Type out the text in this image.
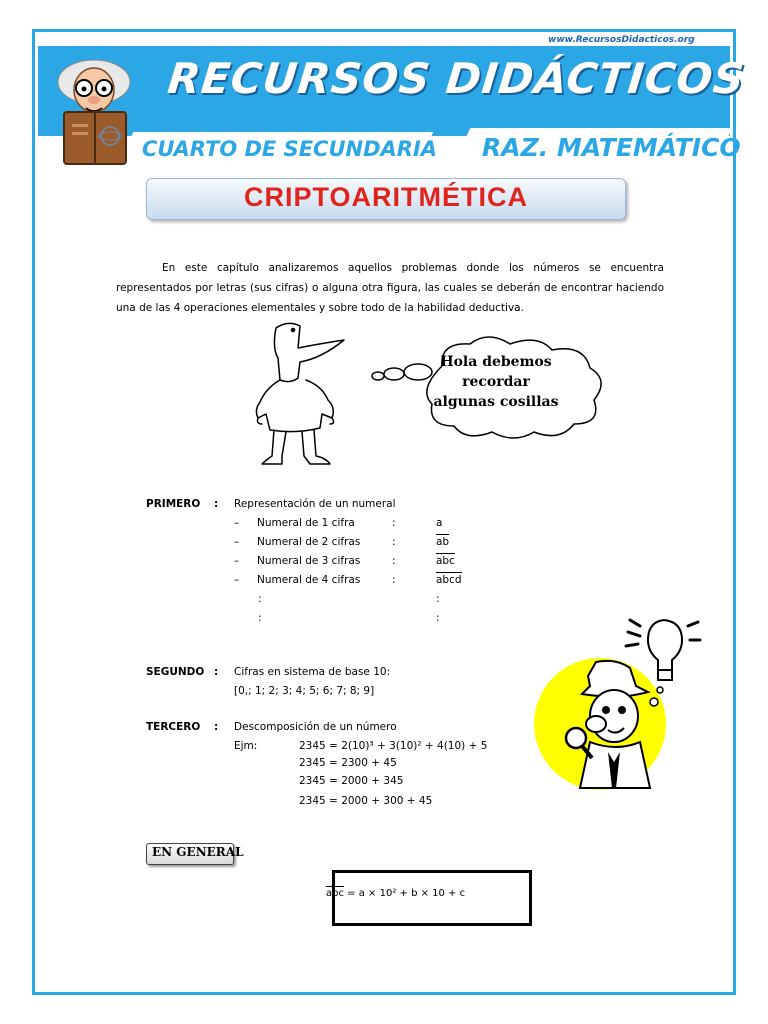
www.RecursosDidacticos.org
RECURSOS DIDÁCTICOS
CUARTO DE SECUNDARIA RAZ. MATEMÁTICO
CRIPTOARITMÉTICA

En este capítulo analizaremos aquellos problemas donde los números se encuentra representados por letras (sus cifras) o alguna otra figura, las cuales se deberán de encontrar haciendo una de las 4 operaciones elementales y sobre todo de la habilidad deductiva.

Hola debemos
recordar
algunas cosillas
PRIMERO : Representación de un numeral
– Numeral de 1 cifra	:	a
– Numeral de 2 cifras	:	ab
– Numeral de 3 cifras	:	abc
– Numeral de 4 cifras	:	abcd
:	:
:	:
SEGUNDO : Cifras en sistema de base 10:
[0,; 1; 2; 3; 4; 5; 6; 7; 8; 9]
TERCERO : Descomposición de un número
Ejm:	2345 = 2(10)³ + 3(10)² + 4(10) + 5
2345 = 2300 + 45
2345 = 2000 + 345
2345 = 2000 + 300 + 45
EN GENERAL
abc = a × 10² + b × 10 + c
